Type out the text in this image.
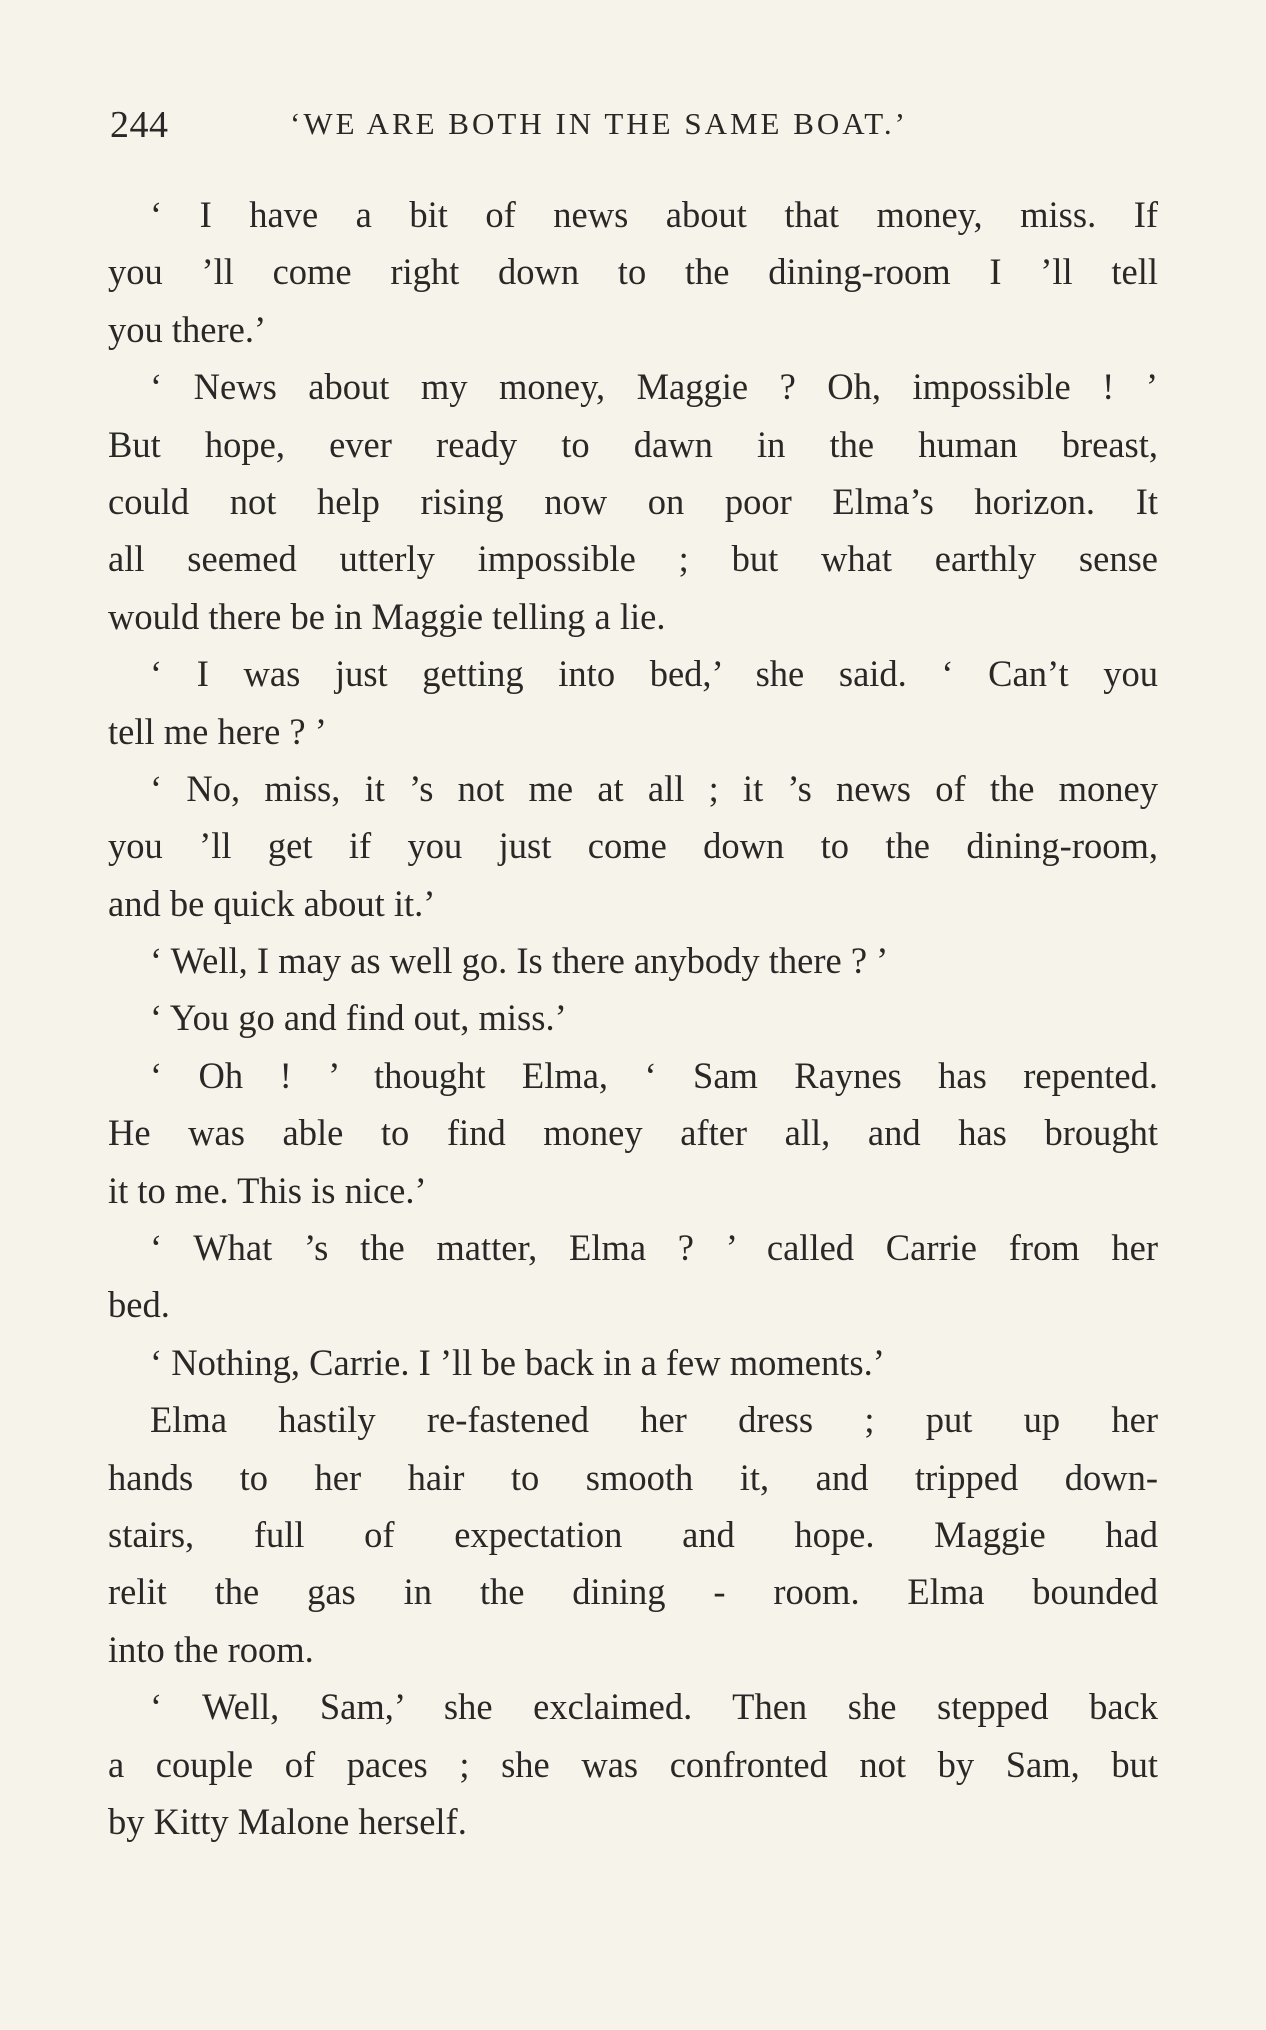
244	‘WE ARE BOTH IN THE SAME BOAT.’
‘ I have a bit of news about that money, miss. If
you ’ll come right down to the dining-room I ’ll tell
you there.’
‘ News about my money, Maggie ? Oh, impossible ! ’
But hope, ever ready to dawn in the human breast,
could not help rising now on poor Elma’s horizon. It
all seemed utterly impossible ; but what earthly sense
would there be in Maggie telling a lie.
‘ I was just getting into bed,’ she said. ‘ Can’t you
tell me here ? ’
‘ No, miss, it ’s not me at all ; it ’s news of the money
you ’ll get if you just come down to the dining-room,
and be quick about it.’
‘ Well, I may as well go. Is there anybody there ? ’
‘ You go and find out, miss.’
‘ Oh ! ’ thought Elma, ‘ Sam Raynes has repented.
He was able to find money after all, and has brought
it to me. This is nice.’
‘ What ’s the matter, Elma ? ’ called Carrie from her
bed.
‘ Nothing, Carrie. I ’ll be back in a few moments.’
Elma hastily re-fastened her dress ; put up her
hands to her hair to smooth it, and tripped down-
stairs, full of expectation and hope. Maggie had
relit the gas in the dining - room. Elma bounded
into the room.
‘ Well, Sam,’ she exclaimed. Then she stepped back
a couple of paces ; she was confronted not by Sam, but
by Kitty Malone herself.
